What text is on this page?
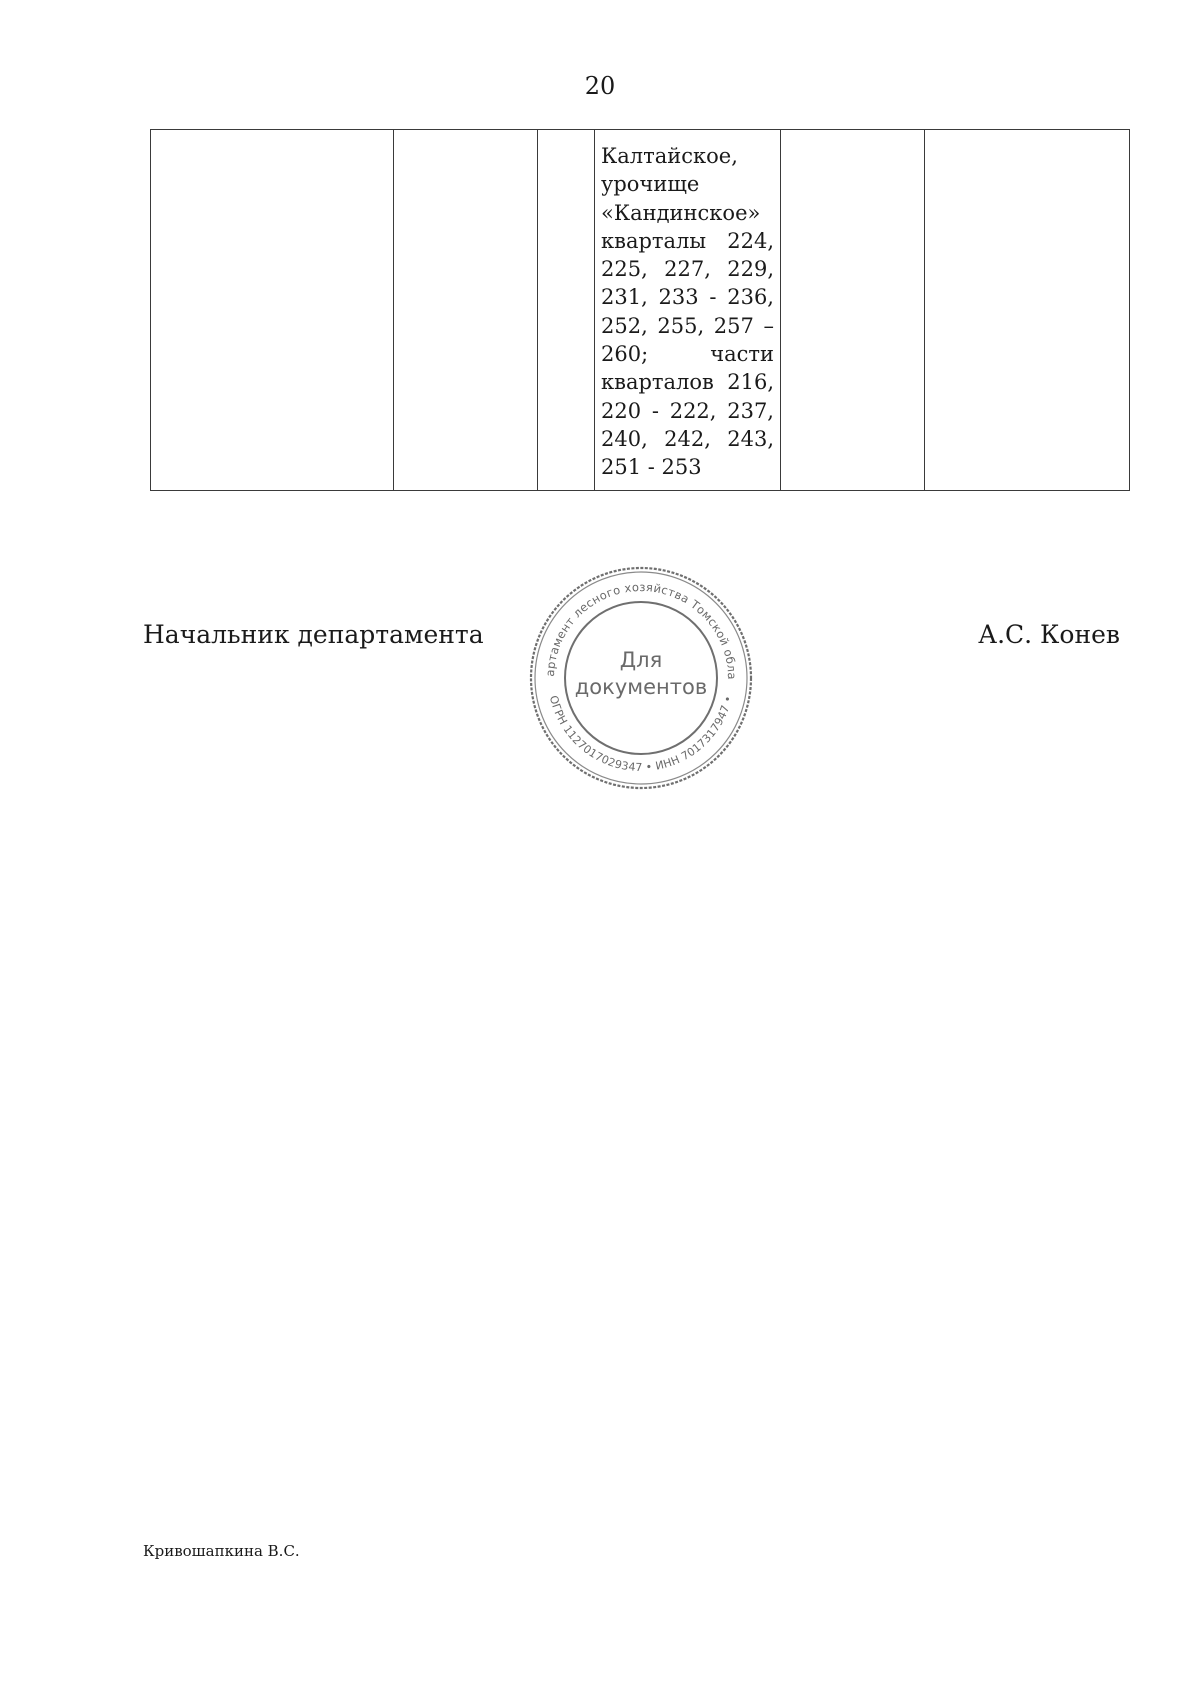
20

Калтайское,
урочище
«Кандинское»
кварталы 224,
225, 227, 229,
231, 233 - 236,
252, 255, 257 –
260; части
кварталов 216,
220 - 222, 237,
240, 242, 243,
251 - 253

Начальник департамента
артамент лесного хозяйства Томской обла
ОГРН 1127017029347 • ИНН 7017317947 •
Для
документов
А.С. Конев
Кривошапкина В.С.
